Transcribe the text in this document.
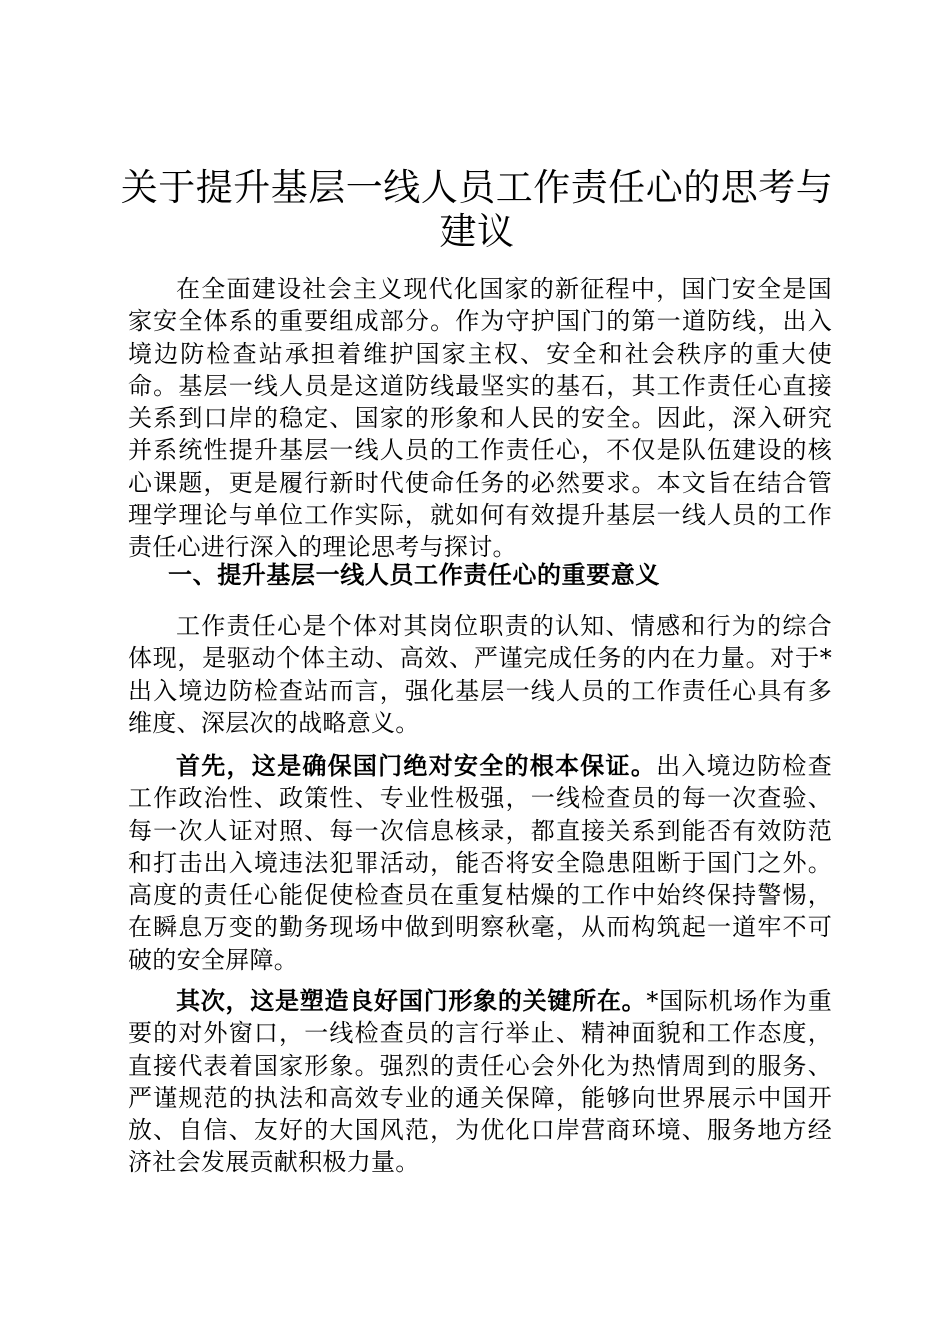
关于提升基层一线人员工作责任心的思考与建议

在全面建设社会主义现代化国家的新征程中，国门安全是国家安全体系的重要组成部分。作为守护国门的第一道防线，出入境边防检查站承担着维护国家主权、安全和社会秩序的重大使命。基层一线人员是这道防线最坚实的基石，其工作责任心直接关系到口岸的稳定、国家的形象和人民的安全。因此，深入研究并系统性提升基层一线人员的工作责任心，不仅是队伍建设的核心课题，更是履行新时代使命任务的必然要求。本文旨在结合管理学理论与单位工作实际，就如何有效提升基层一线人员的工作责任心进行深入的理论思考与探讨。

一、提升基层一线人员工作责任心的重要意义

工作责任心是个体对其岗位职责的认知、情感和行为的综合体现，是驱动个体主动、高效、严谨完成任务的内在力量。对于*出入境边防检查站而言，强化基层一线人员的工作责任心具有多维度、深层次的战略意义。

首先，这是确保国门绝对安全的根本保证。出入境边防检查工作政治性、政策性、专业性极强，一线检查员的每一次查验、每一次人证对照、每一次信息核录，都直接关系到能否有效防范和打击出入境违法犯罪活动，能否将安全隐患阻断于国门之外。高度的责任心能促使检查员在重复枯燥的工作中始终保持警惕，在瞬息万变的勤务现场中做到明察秋毫，从而构筑起一道牢不可破的安全屏障。

其次，这是塑造良好国门形象的关键所在。*国际机场作为重要的对外窗口，一线检查员的言行举止、精神面貌和工作态度，直接代表着国家形象。强烈的责任心会外化为热情周到的服务、严谨规范的执法和高效专业的通关保障，能够向世界展示中国开放、自信、友好的大国风范，为优化口岸营商环境、服务地方经济社会发展贡献积极力量。
